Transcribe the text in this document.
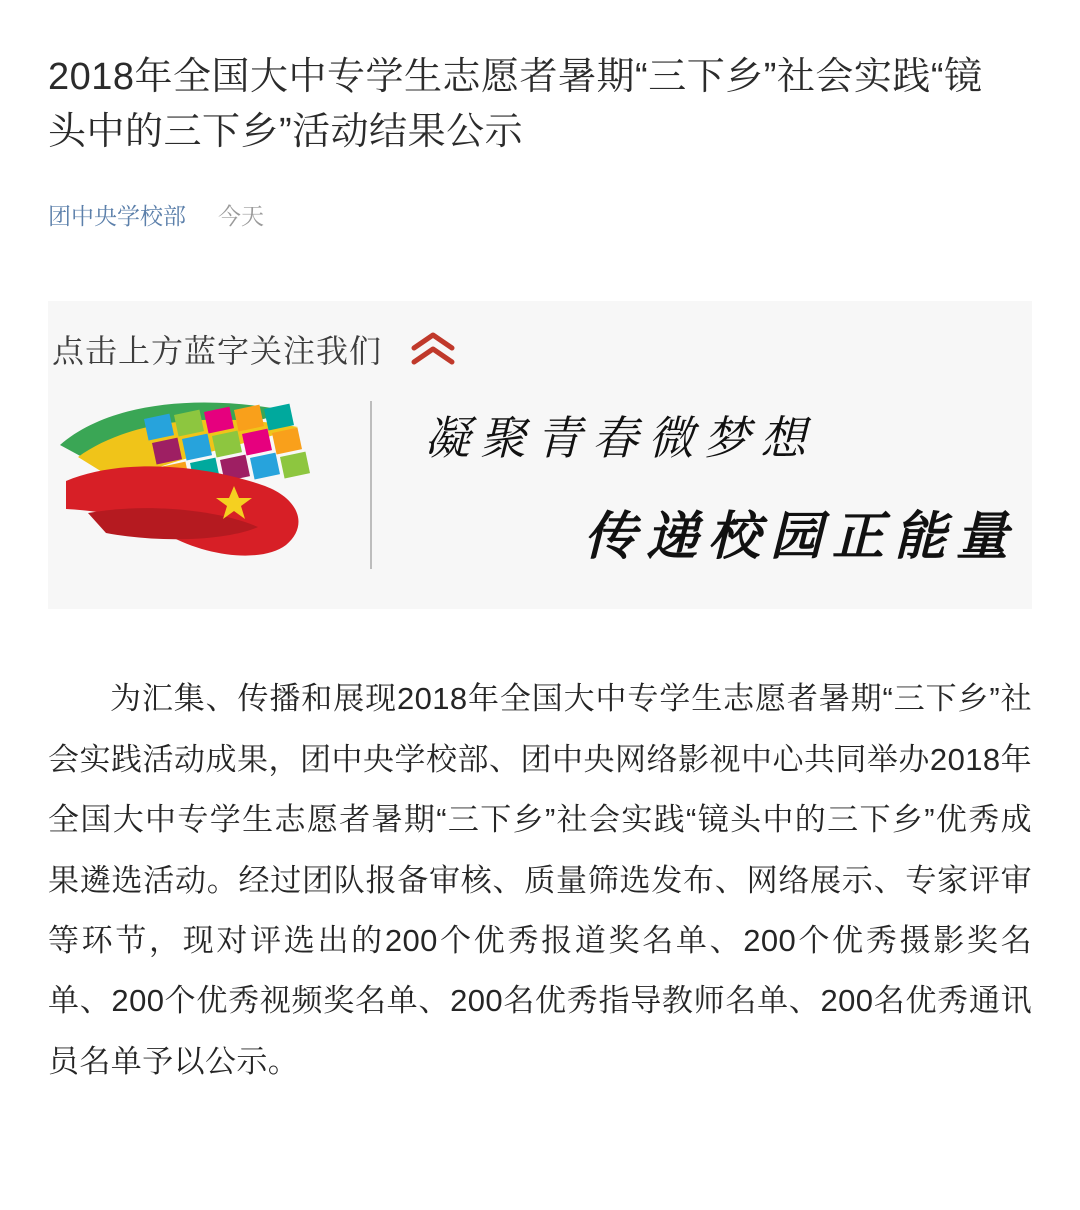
2018年全国大中专学生志愿者暑期“三下乡”社会实践“镜头中的三下乡”活动结果公示
团中央学校部 今天
点击上方蓝字关注我们
凝聚青春微梦想
传递校园正能量

为汇集、传播和展现2018年全国大中专学生志愿者暑期“三下乡”社会实践活动成果，团中央学校部、团中央网络影视中心共同举办2018年全国大中专学生志愿者暑期“三下乡”社会实践“镜头中的三下乡”优秀成果遴选活动。经过团队报备审核、质量筛选发布、网络展示、专家评审等环节，现对评选出的200个优秀报道奖名单、200个优秀摄影奖名单、200个优秀视频奖名单、200名优秀指导教师名单、200名优秀通讯员名单予以公示。
